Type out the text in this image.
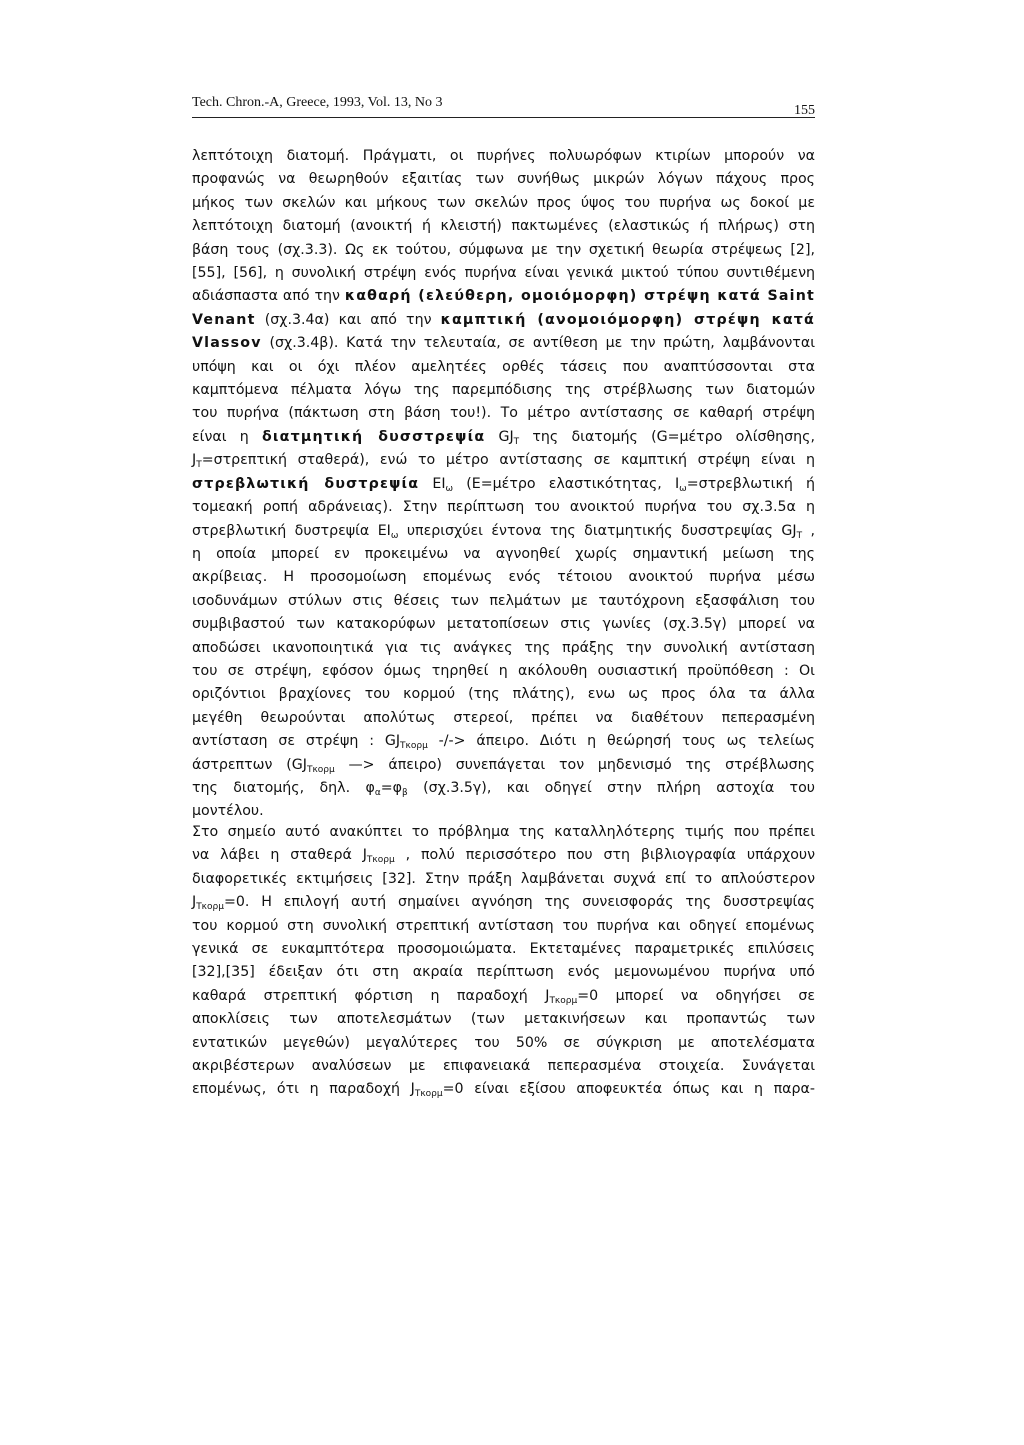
Tech. Chron.-A, Greece, 1993, Vol. 13, No 3
155
λεπτότοιχη διατομή. Πράγματι, οι πυρήνες πολυωρόφων κτιρίων μπορούν να
προφανώς να θεωρηθούν εξαιτίας των συνήθως μικρών λόγων πάχους προς
μήκος των σκελών και μήκους των σκελών προς ύψος του πυρήνα ως δοκοί με
λεπτότοιχη διατομή (ανοικτή ή κλειστή) πακτωμένες (ελαστικώς ή πλήρως) στη
βάση τους (σχ.3.3). Ως εκ τούτου, σύμφωνα με την σχετική θεωρία στρέψεως [2],
[55], [56], η συνολική στρέψη ενός πυρήνα είναι γενικά μικτού τύπου συντιθέμενη
αδιάσπαστα από την καθαρή (ελεύθερη, ομοιόμορφη) στρέψη κατά Saint
Venant (σχ.3.4α) και από την καμπτική (ανομοιόμορφη) στρέψη κατά
Vlassov (σχ.3.4β). Κατά την τελευταία, σε αντίθεση με την πρώτη, λαμβάνονται
υπόψη και οι όχι πλέον αμελητέες ορθές τάσεις που αναπτύσσονται στα
καμπτόμενα πέλματα λόγω της παρεμπόδισης της στρέβλωσης των διατομών
του πυρήνα (πάκτωση στη βάση του!). Το μέτρο αντίστασης σε καθαρή στρέψη
είναι η διατμητική δυσστρεψία $GJ_T$ της διατομής (G=μέτρο ολίσθησης,
$J_T=\sigma\tau\rho\varepsilon\pi\tau\iota\kappa ή$ σταθερά), ενώ το μέτρο αντίστασης σε καμπτική στρέψη είναι η
στρεβλωτική δυστρεψία $EI_\omega$ (E=μέτρο ελαστικότητας, $I_\omega=\sigma\tau\rho\varepsilon\beta\lambda\omega\tau\iota\kappa ή$ ή
τομεακή ροπή αδράνειας). Στην περίπτωση του ανοικτού πυρήνα του σχ.3.5α η
στρεβλωτική δυστρεψία $EI_\omega$ υπερισχύει έντονα της διατμητικής δυσστρεψίας $GJ_T$ ,
η οποία μπορεί εν προκειμένω να αγνοηθεί χωρίς σημαντική μείωση της
ακρίβειας. Η προσομοίωση επομένως ενός τέτοιου ανοικτού πυρήνα μέσω
ισοδυνάμων στύλων στις θέσεις των πελμάτων με ταυτόχρονη εξασφάλιση του
συμβιβαστού των κατακορύφων μετατοπίσεων στις γωνίες (σχ.3.5γ) μπορεί να
αποδώσει ικανοποιητικά για τις ανάγκες της πράξης την συνολική αντίσταση
του σε στρέψη, εφόσον όμως τηρηθεί η ακόλουθη ουσιαστική προϋπόθεση : Οι
οριζόντιοι βραχίονες του κορμού (της πλάτης), ενω ως προς όλα τα άλλα
μεγέθη θεωρούνται απολύτως στερεοί, πρέπει να διαθέτουν πεπερασμένη
αντίσταση σε στρέψη : $GJ_{T\kappa o\rho\mu}$ -/-> άπειρο. Διότι η θεώρησή τους ως τελείως
άστρεπτων ($GJ_{T\kappa o\rho\mu}$ —> άπειρο) συνεπάγεται τον μηδενισμό της στρέβλωσης
της διατομής, δηλ. $\varphi_\alpha=\varphi_\beta$ (σχ.3.5γ), και οδηγεί στην πλήρη αστοχία του
μοντέλου.
Στο σημείο αυτό ανακύπτει το πρόβλημα της καταλληλότερης τιμής που πρέπει
να λάβει η σταθερά $J_{T\kappa o\rho\mu}$ , πολύ περισσότερο που στη βιβλιογραφία υπάρχουν
διαφορετικές εκτιμήσεις [32]. Στην πράξη λαμβάνεται συχνά επί το απλούστερον
$J_{T\kappa o\rho\mu}=0$. Η επιλογή αυτή σημαίνει αγνόηση της συνεισφοράς της δυσστρεψίας
του κορμού στη συνολική στρεπτική αντίσταση του πυρήνα και οδηγεί επομένως
γενικά σε ευκαμπτότερα προσομοιώματα. Εκτεταμένες παραμετρικές επιλύσεις
[32],[35] έδειξαν ότι στη ακραία περίπτωση ενός μεμονωμένου πυρήνα υπό
καθαρά στρεπτική φόρτιση η παραδοχή $J_{T\kappa o\rho\mu}=0$ μπορεί να οδηγήσει σε
αποκλίσεις των αποτελεσμάτων (των μετακινήσεων και προπαντώς των
εντατικών μεγεθών) μεγαλύτερες του 50% σε σύγκριση με αποτελέσματα
ακριβέστερων αναλύσεων με επιφανειακά πεπερασμένα στοιχεία. Συνάγεται
επομένως, ότι η παραδοχή $J_{T\kappa o\rho\mu}=0$ είναι εξίσου αποφευκτέα όπως και η παρα-
